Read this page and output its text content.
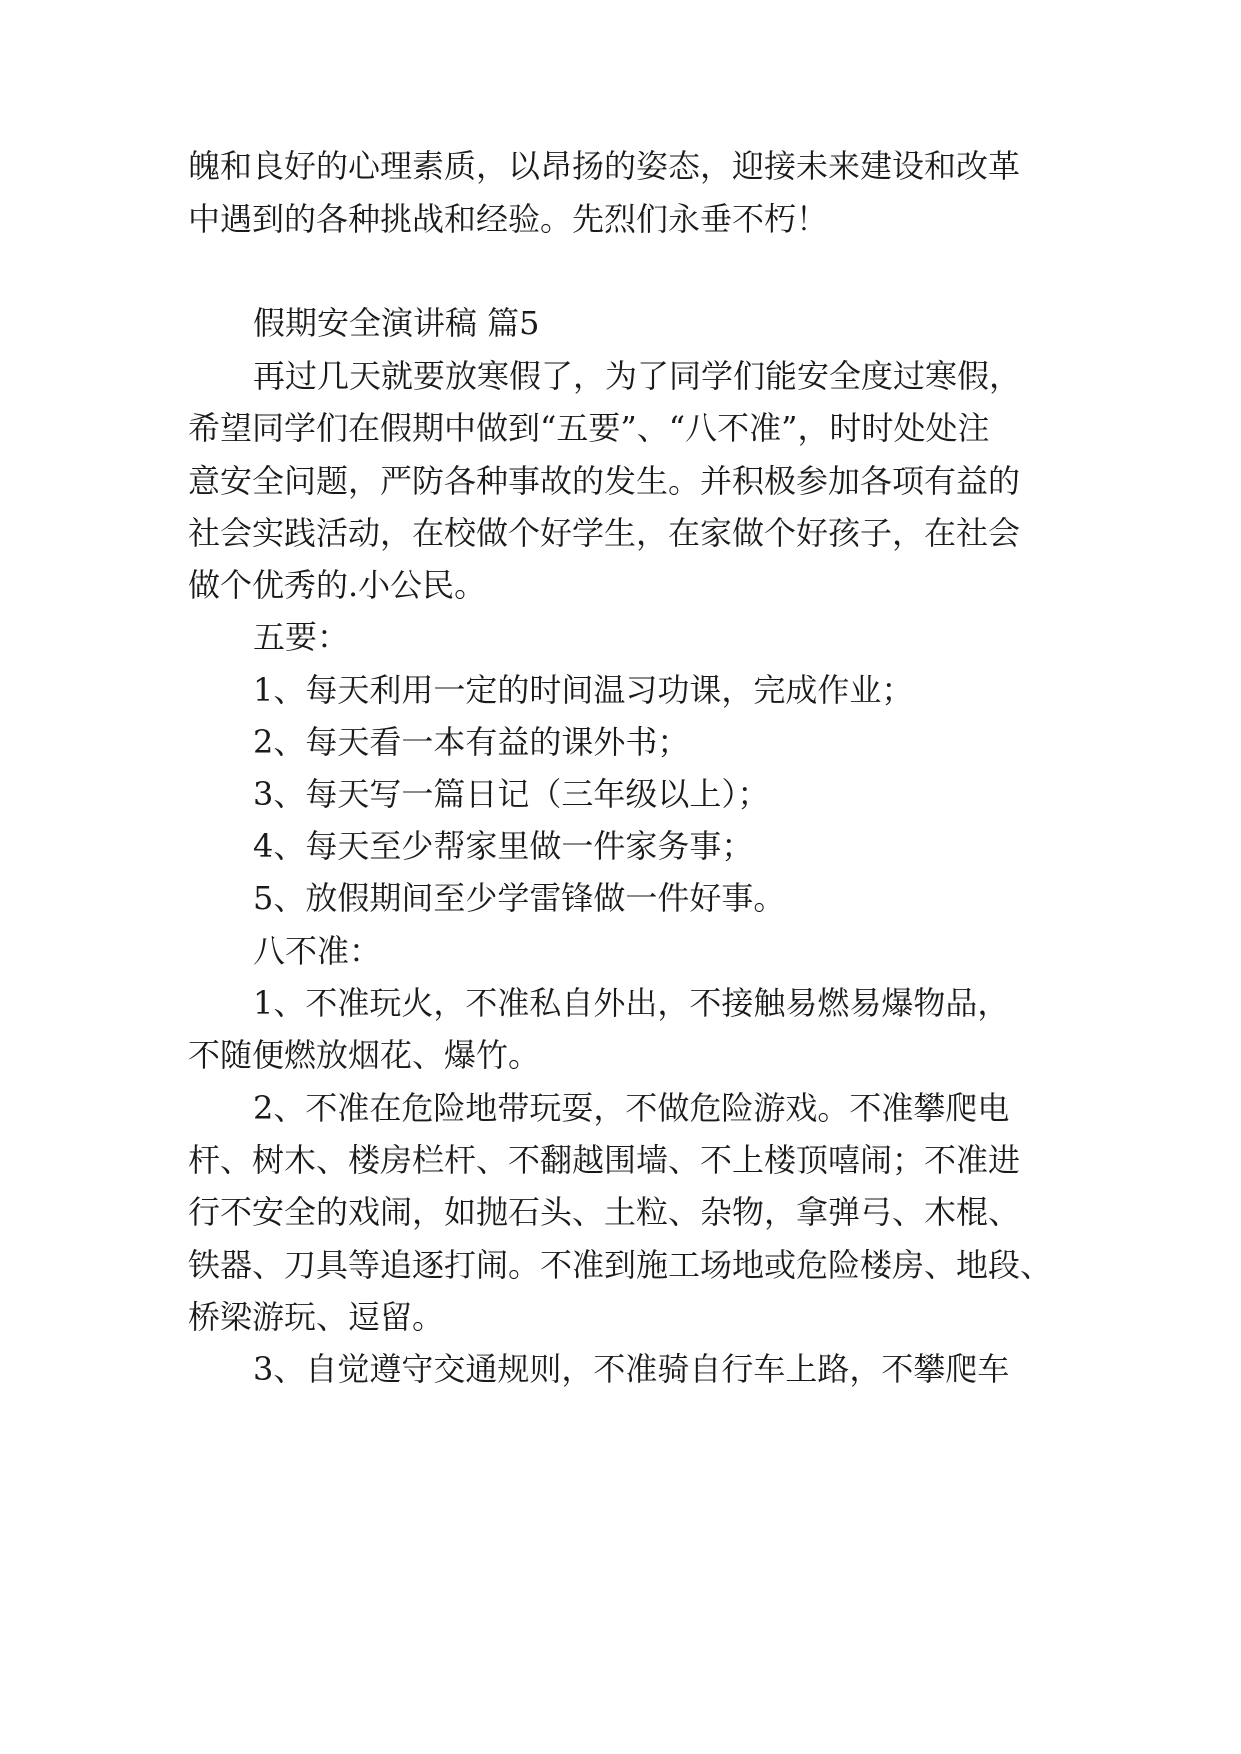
魄和良好的心理素质，以昂扬的姿态，迎接未来建设和改革
中遇到的各种挑战和经验。先烈们永垂不朽！
假期安全演讲稿 篇5
再过几天就要放寒假了，为了同学们能安全度过寒假，
希望同学们在假期中做到“五要”、“八不准”，时时处处注
意安全问题，严防各种事故的发生。并积极参加各项有益的
社会实践活动，在校做个好学生，在家做个好孩子，在社会
做个优秀的.小公民。
五要：
1、每天利用一定的时间温习功课，完成作业；
2、每天看一本有益的课外书；
3、每天写一篇日记（三年级以上）；
4、每天至少帮家里做一件家务事；
5、放假期间至少学雷锋做一件好事。
八不准：
1、不准玩火，不准私自外出，不接触易燃易爆物品，
不随便燃放烟花、爆竹。
2、不准在危险地带玩耍，不做危险游戏。不准攀爬电
杆、树木、楼房栏杆、不翻越围墙、不上楼顶嘻闹；不准进
行不安全的戏闹，如抛石头、土粒、杂物，拿弹弓、木棍、
铁器、刀具等追逐打闹。不准到施工场地或危险楼房、地段、
桥梁游玩、逗留。
3、自觉遵守交通规则，不准骑自行车上路，不攀爬车
